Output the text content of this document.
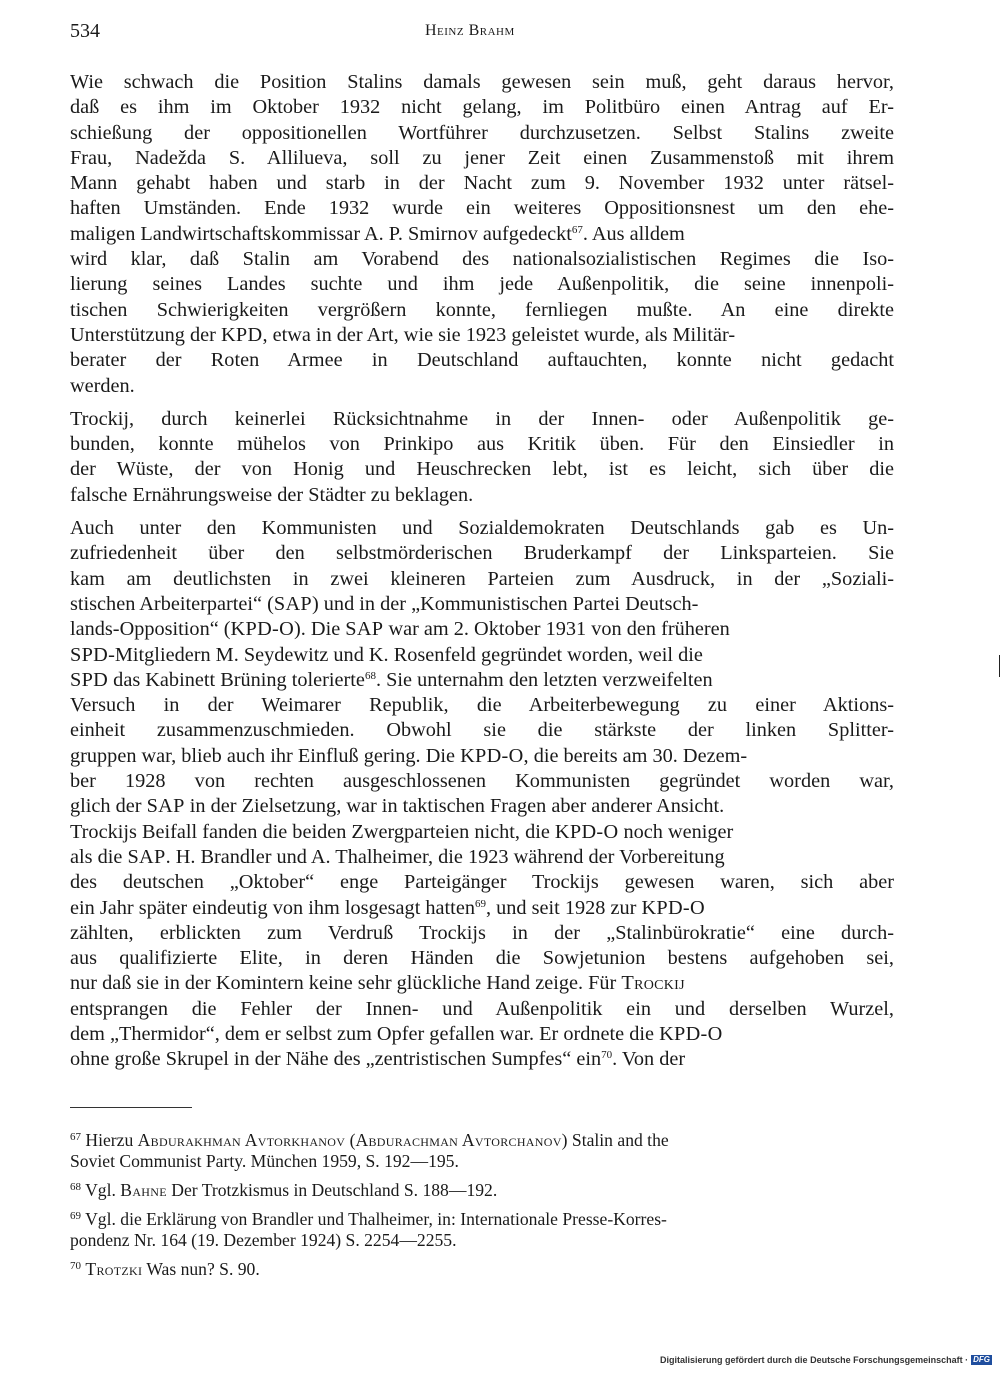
534	Heinz Brahm

Wie schwach die Position Stalins damals gewesen sein muß, geht daraus hervor,
daß es ihm im Oktober 1932 nicht gelang, im Politbüro einen Antrag auf Er-
schießung der oppositionellen Wortführer durchzusetzen. Selbst Stalins zweite
Frau, Nadežda S. Allilueva, soll zu jener Zeit einen Zusammenstoß mit ihrem
Mann gehabt haben und starb in der Nacht zum 9. November 1932 unter rätsel-
haften Umständen. Ende 1932 wurde ein weiteres Oppositionsnest um den ehe-
maligen Landwirtschaftskommissar A. P. Smirnov aufgedeckt$^{67}$. Aus alldem
wird klar, daß Stalin am Vorabend des nationalsozialistischen Regimes die Iso-
lierung seines Landes suchte und ihm jede Außenpolitik, die seine innenpoli-
tischen Schwierigkeiten vergrößern konnte, fernliegen mußte. An eine direkte
Unterstützung der KPD, etwa in der Art, wie sie 1923 geleistet wurde, als Militär-
berater der Roten Armee in Deutschland auftauchten, konnte nicht gedacht
werden.

Trockij, durch keinerlei Rücksichtnahme in der Innen- oder Außenpolitik ge-
bunden, konnte mühelos von Prinkipo aus Kritik üben. Für den Einsiedler in
der Wüste, der von Honig und Heuschrecken lebt, ist es leicht, sich über die
falsche Ernährungsweise der Städter zu beklagen.

Auch unter den Kommunisten und Sozialdemokraten Deutschlands gab es Un-
zufriedenheit über den selbstmörderischen Bruderkampf der Linksparteien. Sie
kam am deutlichsten in zwei kleineren Parteien zum Ausdruck, in der „Soziali-
stischen Arbeiterpartei“ (SAP) und in der „Kommunistischen Partei Deutsch-
lands-Opposition“ (KPD-O). Die SAP war am 2. Oktober 1931 von den früheren
SPD-Mitgliedern M. Seydewitz und K. Rosenfeld gegründet worden, weil die
SPD das Kabinett Brüning tolerierte$^{68}$. Sie unternahm den letzten verzweifelten
Versuch in der Weimarer Republik, die Arbeiterbewegung zu einer Aktions-
einheit zusammenzuschmieden. Obwohl sie die stärkste der linken Splitter-
gruppen war, blieb auch ihr Einfluß gering. Die KPD-O, die bereits am 30. Dezem-
ber 1928 von rechten ausgeschlossenen Kommunisten gegründet worden war,
glich der SAP in der Zielsetzung, war in taktischen Fragen aber anderer Ansicht.
Trockijs Beifall fanden die beiden Zwergparteien nicht, die KPD-O noch weniger
als die SAP. H. Brandler und A. Thalheimer, die 1923 während der Vorbereitung
des deutschen „Oktober“ enge Parteigänger Trockijs gewesen waren, sich aber
ein Jahr später eindeutig von ihm losgesagt hatten$^{69}$, und seit 1928 zur KPD-O
zählten, erblickten zum Verdruß Trockijs in der „Stalinbürokratie“ eine durch-
aus qualifizierte Elite, in deren Händen die Sowjetunion bestens aufgehoben sei,
nur daß sie in der Komintern keine sehr glückliche Hand zeige. Für Trockij
entsprangen die Fehler der Innen- und Außenpolitik ein und derselben Wurzel,
dem „Thermidor“, dem er selbst zum Opfer gefallen war. Er ordnete die KPD-O
ohne große Skrupel in der Nähe des „zentristischen Sumpfes“ ein$^{70}$. Von der

$^{67}$ Hierzu Abdurakhman Avtorkhanov (Abdurachman Avtorchanov) Stalin and the
Soviet Communist Party. München 1959, S. 192—195.
$^{68}$ Vgl. Bahne Der Trotzkismus in Deutschland S. 188—192.
$^{69}$ Vgl. die Erklärung von Brandler und Thalheimer, in: Internationale Presse-Korres-
pondenz Nr. 164 (19. Dezember 1924) S. 2254—2255.
$^{70}$ Trotzki Was nun? S. 90.
Digitalisierung gefördert durch die Deutsche Forschungsgemeinschaft · DFG
